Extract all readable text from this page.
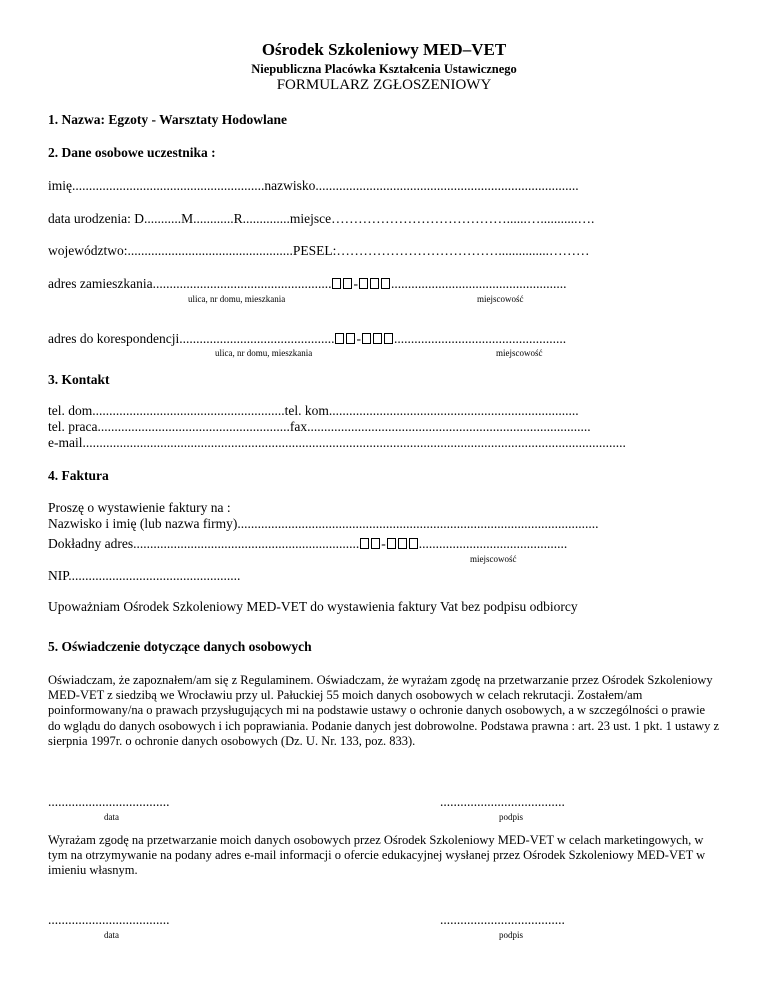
Ośrodek Szkoleniowy MED–VET
Niepubliczna Placówka Kształcenia Ustawicznego
FORMULARZ ZGŁOSZENIOWY
1. Nazwa: Egzoty - Warsztaty Hodowlane
2. Dane osobowe uczestnika :
imię.........................................................nazwisko..............................................................................
data urodzenia: D...........M............R..............miejsce…………………………………......…...........….
województwo:.................................................PESEL:………………………………...............………
adres zamieszkania..................................................... - ....................................................
ulica, nr domu, mieszkania	miejscowość
adres do korespondencji.............................................. - ...................................................
ulica, nr domu, mieszkania	miejscowość
3. Kontakt
tel. dom.........................................................tel. kom..........................................................................
tel. praca.........................................................fax....................................................................................
e-mail.................................................................................................................................................................
4. Faktura
Proszę o wystawienie faktury na :
Nazwisko i imię (lub nazwa firmy)...........................................................................................................
Dokładny adres................................................................... - ............................................
miejscowość
NIP...................................................
Upoważniam Ośrodek Szkoleniowy MED-VET do wystawienia faktury Vat bez podpisu odbiorcy
5. Oświadczenie dotyczące danych osobowych
Oświadczam, że zapoznałem/am się z Regulaminem. Oświadczam, że wyrażam zgodę na przetwarzanie przez Ośrodek Szkoleniowy MED-VET z siedzibą we Wrocławiu przy ul. Pałuckiej 55 moich danych osobowych w celach rekrutacji. Zostałem/am poinformowany/na o prawach przysługujących mi na podstawie ustawy o ochronie danych osobowych, a w szczególności o prawie do wglądu do danych osobowych i ich poprawiania. Podanie danych jest dobrowolne. Podstawa prawna : art. 23 ust. 1 pkt. 1 ustawy z sierpnia 1997r. o ochronie danych osobowych (Dz. U. Nr. 133, poz. 833).
....................................	.....................................
data	podpis
Wyrażam zgodę na przetwarzanie moich danych osobowych przez Ośrodek Szkoleniowy MED-VET w celach marketingowych, w tym na otrzymywanie na podany adres e-mail informacji o ofercie edukacyjnej wysłanej przez Ośrodek Szkoleniowy MED-VET w imieniu własnym.
....................................	.....................................
data	podpis
